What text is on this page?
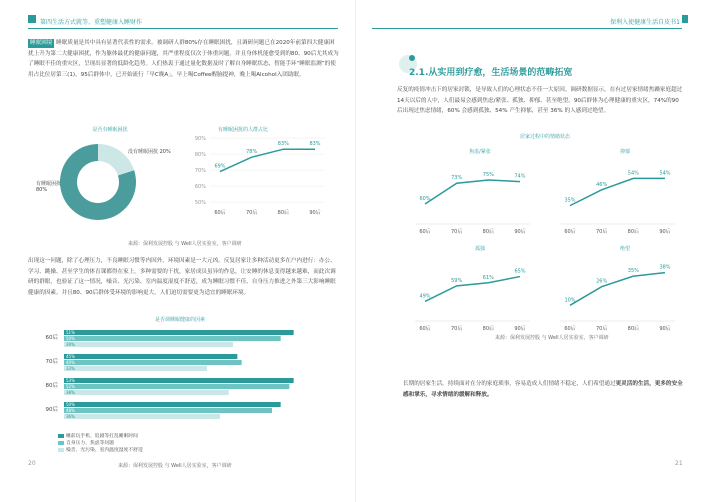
第四生活方式就等、重塑健康入睡财作	保利入使健康生活自皮书1
睡眠困境 睡眠质量是其中具有显著代表性的需求。被调研人群80%存在睡眠困扰，且调研问题已在2020年前第四大健康困扰上升为第二大健康困扰，作为躯体最优的健康问题，其严重程度仅次于体重问题。并且身体机能愈受到的80、90后尤其成为了睡眠不佳的重灾区，呈现出显著的低龄化趋势。人们热衷于通过量化数据及时了解自身睡眠状态，智能手环“睡眠监测”的使用占比位居第三(1)，95后群体中，已开始流行「早C晚A」，早上喝Coffee醒脑提神，晚上喝Alcohol入团助眠。
是否有睡眠困扰
没有睡眠困扰 20%
有睡眠困扰 80%
有睡眠困扰的人群占比
90%
80%
70%
60%
50%
69%
60后
78%
70后
83%
80后
83%
90后
来源：保利发展控股 与 Well人居实验室，客户调研
出现这一问题，除了心理压力，不良睡眠习惯等内因外，环境因素是一大元凶。反复居家让多种活动更多在户内进行：办公、学习、跳操、甚至学生的体育课都得在家上。多种需要的干扰，家居成员虽异的作息，让安睡的休息变得越来越难，而此次调研的群眼，也验证了这一情况，噪音、光污染、室内温度湿度不舒适，成为睡眠习惯不佳、自身压力推进之外第三大影响睡眠健康的因素。并且80、90后群体受环境的影响更大，人们迫切需要更为适宜的睡眠环境。
是否调睡眠健康的因素
60后
51%
50%
39%
70后
45%
40%
33%
80后
53%
52%
38%
90后
50%
48%
36%
睡前玩手机、追剧等打乱睡眠时间
自身压力、焦虑等问题
噪音、光污染、室内温度湿度不舒适
来源：保利发展控股 与 Well人居实验室，客户调研
20
2.1.从实用到疗愈，生活场景的范畴拓宽
反复的疫情冲击下的居家封锁，是导致人们的心理状态不佳一大原因。调研数据显示，在有过居家情绪焦躁家庭超过14天以后的人中，人们最易会感到焦虑/紧张、孤独、抑郁、甚至绝望。90后群体为心理健康的重灾区，74%的90后出现过焦虑情绪，60% 会感到孤独、54% 产生抑郁，甚至 36% 的人感到过绝望。
居家过程中的情绪状态
焦虑/紧张
60%
60后
73%
70后
75%
80后
74%
90后
抑郁
35%
60后
46%
70后
54%
80后
54%
90后
孤独
49%
60后
59%
70后
61%
80后
65%
90后
绝望
10%
60后
26%
70后
35%
80后
38%
90后
来源：保利发展控股 与 Well人居实验室，客户调研
长期的居家生活，持续面对在分的家庭琐事，容易造成人们情绪不稳定，人们希望通过更灵活的生活，更多的安全感和掌乐，寻求情绪的缓解和释放。
21
